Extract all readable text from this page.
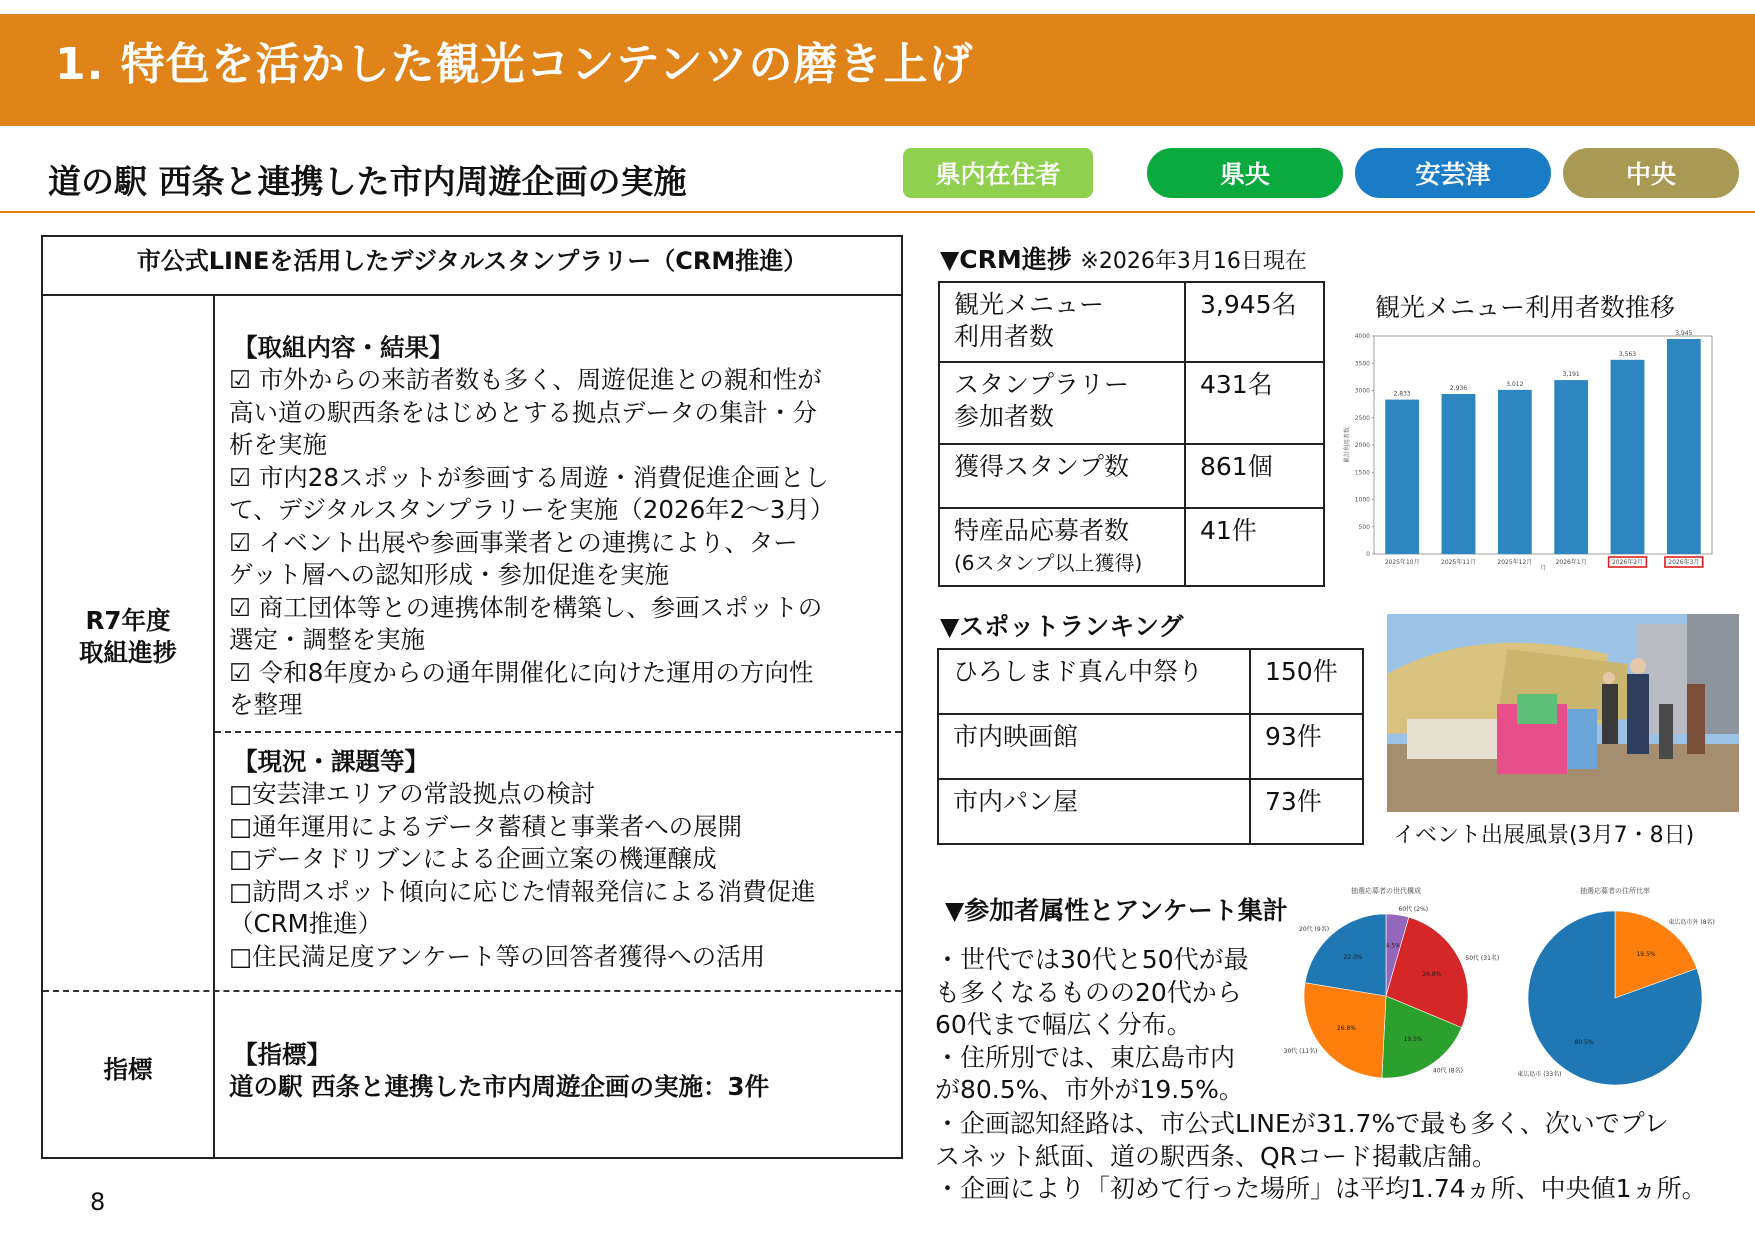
1. 特色を活かした観光コンテンツの磨き上げ
道の駅 西条と連携した市内周遊企画の実施	県内在住者	県央	安芸津	中央
市公式LINEを活用したデジタルスタンプラリー（CRM推進）
R7年度
取組進捗
【取組内容・結果】
☑ 市外からの来訪者数も多く、周遊促進との親和性が
高い道の駅西条をはじめとする拠点データの集計・分
析を実施
☑ 市内28スポットが参画する周遊・消費促進企画とし
て、デジタルスタンプラリーを実施（2026年2～3月）
☑ イベント出展や参画事業者との連携により、ター
ゲット層への認知形成・参加促進を実施
☑ 商工団体等との連携体制を構築し、参画スポットの
選定・調整を実施
☑ 令和8年度からの通年開催化に向けた運用の方向性
を整理
【現況・課題等】
□安芸津エリアの常設拠点の検討
□通年運用によるデータ蓄積と事業者への展開
□データドリブンによる企画立案の機運醸成
□訪問スポット傾向に応じた情報発信による消費促進
（CRM推進）
□住民満足度アンケート等の回答者獲得への活用
指標
【指標】
道の駅 西条と連携した市内周遊企画の実施：3件
▼CRM進捗 ※2026年3月16日現在
観光メニュー
利用者数	3,945名

スタンプラリー
参加者数	431名

獲得スタンプ数	861個

特産品応募者数
(6スタンプ以上獲得)	41件
観光メニュー利用者数推移
0
500
1000
1500
2000
2500
3000
3500
4000
2,833
2025年10月
2,936
2025年11月
3,012
2025年12月
3,191
2026年1月
3,563
2026年2月
3,945
2026年3月
月
累計利用者数
▼スポットランキング
ひろしまド真ん中祭り	150件
市内映画館	93件
市内パン屋	73件
イベント出展風景(3月7・8日)
▼参加者属性とアンケート集計
・世代では30代と50代が最
も多くなるものの20代から
60代まで幅広く分布。
・住所別では、東広島市内
が80.5%、市外が19.5%。
・企画認知経路は、市公式LINEが31.7%で最も多く、次いでプレ
スネット紙面、道の駅西条、QRコード掲載店舗。
・企画により「初めて行った場所」は平均1.74ヵ所、中央値1ヵ所。
抽選応募者の世代構成
4.5%
60代 (2%)
26.8%
50代 (31名)
19.5%
40代 (8名)
26.8%
30代 (11名)
22.0%
20代 (9名)
抽選応募者の住所比率
19.5%
東広島市外 (8名)
80.5%
東広島市 (33名)
8
